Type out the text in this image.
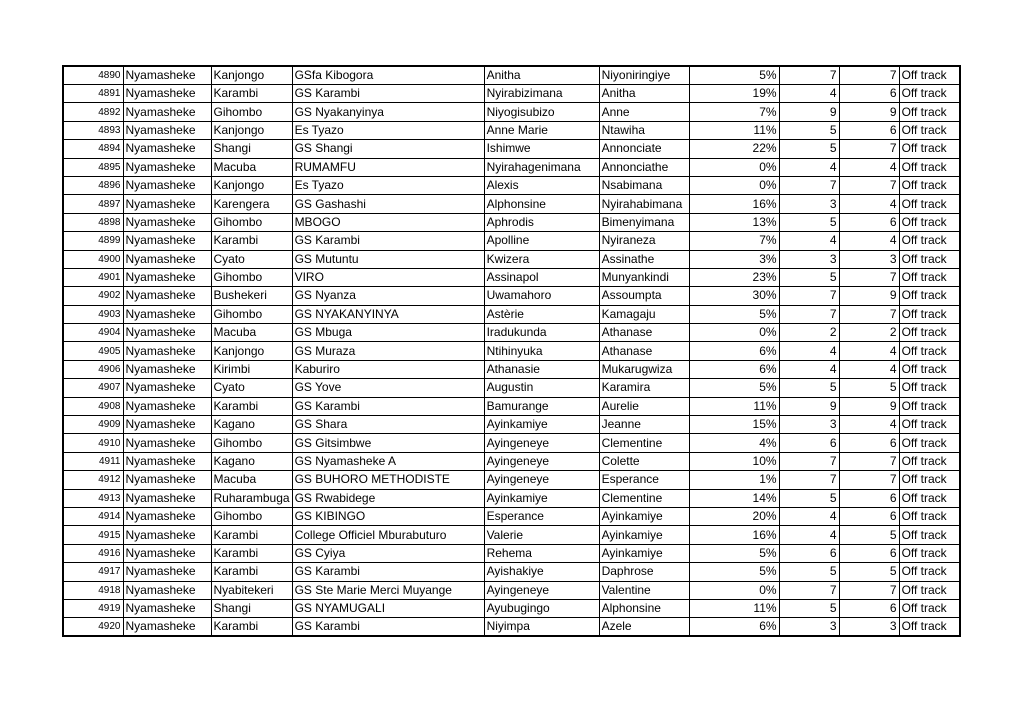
4890	Nyamasheke	Kanjongo	GSfa Kibogora	Anitha	Niyoniringiye	5%	7	7	Off track
4891	Nyamasheke	Karambi	GS Karambi	Nyirabizimana	Anitha	19%	4	6	Off track
4892	Nyamasheke	Gihombo	GS Nyakanyinya	Niyogisubizo	Anne	7%	9	9	Off track
4893	Nyamasheke	Kanjongo	Es Tyazo	Anne Marie	Ntawiha	11%	5	6	Off track
4894	Nyamasheke	Shangi	GS Shangi	Ishimwe	Annonciate	22%	5	7	Off track
4895	Nyamasheke	Macuba	RUMAMFU	Nyirahagenimana	Annonciathe	0%	4	4	Off track
4896	Nyamasheke	Kanjongo	Es Tyazo	Alexis	Nsabimana	0%	7	7	Off track
4897	Nyamasheke	Karengera	GS Gashashi	Alphonsine	Nyirahabimana	16%	3	4	Off track
4898	Nyamasheke	Gihombo	MBOGO	Aphrodis	Bimenyimana	13%	5	6	Off track
4899	Nyamasheke	Karambi	GS Karambi	Apolline	Nyiraneza	7%	4	4	Off track
4900	Nyamasheke	Cyato	GS Mutuntu	Kwizera	Assinathe	3%	3	3	Off track
4901	Nyamasheke	Gihombo	VIRO	Assinapol	Munyankindi	23%	5	7	Off track
4902	Nyamasheke	Bushekeri	GS Nyanza	Uwamahoro	Assoumpta	30%	7	9	Off track
4903	Nyamasheke	Gihombo	GS NYAKANYINYA	Astèrie	Kamagaju	5%	7	7	Off track
4904	Nyamasheke	Macuba	GS Mbuga	Iradukunda	Athanase	0%	2	2	Off track
4905	Nyamasheke	Kanjongo	GS Muraza	Ntihinyuka	Athanase	6%	4	4	Off track
4906	Nyamasheke	Kirimbi	Kaburiro	Athanasie	Mukarugwiza	6%	4	4	Off track
4907	Nyamasheke	Cyato	GS Yove	Augustin	Karamira	5%	5	5	Off track
4908	Nyamasheke	Karambi	GS Karambi	Bamurange	Aurelie	11%	9	9	Off track
4909	Nyamasheke	Kagano	GS Shara	Ayinkamiye	Jeanne	15%	3	4	Off track
4910	Nyamasheke	Gihombo	GS Gitsimbwe	Ayingeneye	Clementine	4%	6	6	Off track
4911	Nyamasheke	Kagano	GS Nyamasheke A	Ayingeneye	Colette	10%	7	7	Off track
4912	Nyamasheke	Macuba	GS BUHORO METHODISTE	Ayingeneye	Esperance	1%	7	7	Off track
4913	Nyamasheke	Ruharambuga	GS Rwabidege	Ayinkamiye	Clementine	14%	5	6	Off track
4914	Nyamasheke	Gihombo	GS KIBINGO	Esperance	Ayinkamiye	20%	4	6	Off track
4915	Nyamasheke	Karambi	College Officiel Mburabuturo	Valerie	Ayinkamiye	16%	4	5	Off track
4916	Nyamasheke	Karambi	GS Cyiya	Rehema	Ayinkamiye	5%	6	6	Off track
4917	Nyamasheke	Karambi	GS Karambi	Ayishakiye	Daphrose	5%	5	5	Off track
4918	Nyamasheke	Nyabitekeri	GS Ste Marie Merci Muyange	Ayingeneye	Valentine	0%	7	7	Off track
4919	Nyamasheke	Shangi	GS NYAMUGALI	Ayubugingo	Alphonsine	11%	5	6	Off track
4920	Nyamasheke	Karambi	GS Karambi	Niyimpa	Azele	6%	3	3	Off track
